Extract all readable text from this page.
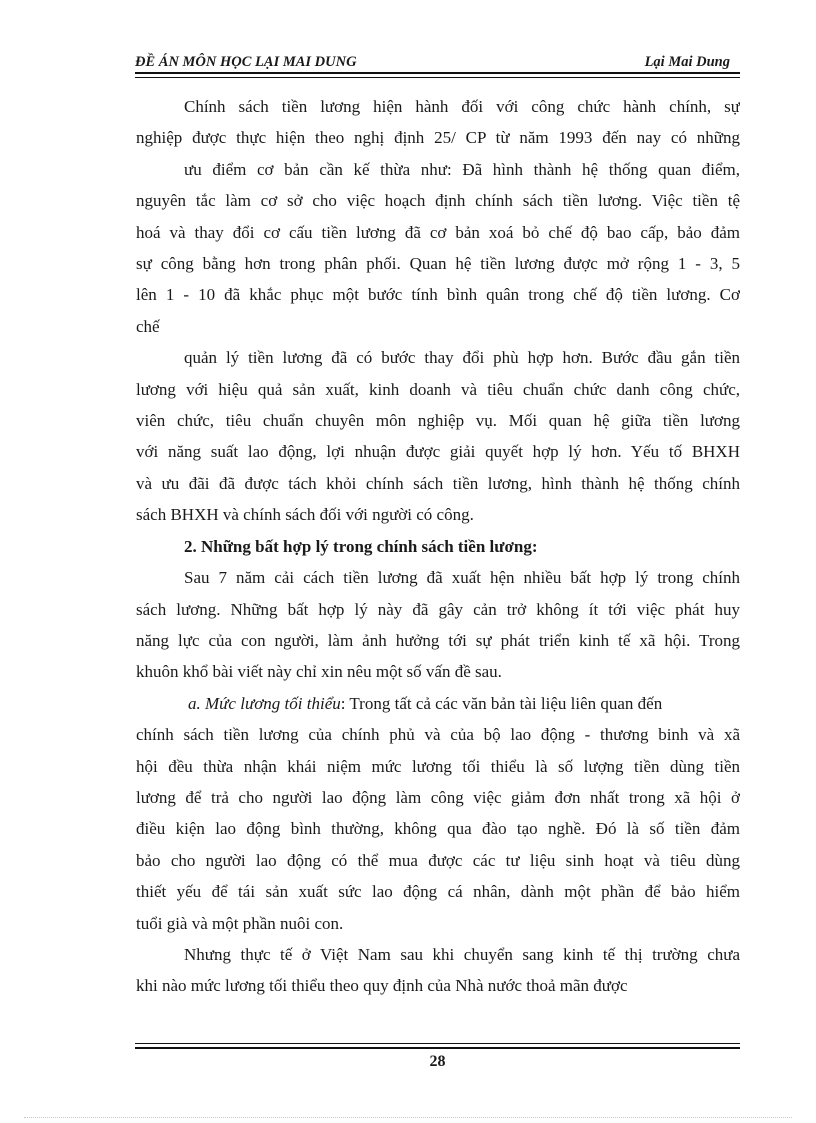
ĐỀ ÁN MÔN HỌC LẠI MAI DUNG	Lại Mai Dung
Chính sách tiền lương hiện hành đối với công chức hành chính, sự
nghiệp được thực hiện theo nghị định 25/ CP từ năm 1993 đến nay có những
ưu điểm cơ bản cần kế thừa như: Đã hình thành hệ thống quan điểm,
nguyên tắc làm cơ sở cho việc hoạch định chính sách tiền lương. Việc tiền tệ
hoá và thay đổi cơ cấu tiền lương đã cơ bản xoá bỏ chế độ bao cấp, bảo đảm
sự công bằng hơn trong phân phối. Quan hệ tiền lương được mở rộng 1 - 3, 5
lên 1 - 10 đã khắc phục một bước tính bình quân trong chế độ tiền lương. Cơ
chế
quản lý tiền lương đã có bước thay đổi phù hợp hơn. Bước đầu gắn tiền
lương với hiệu quả sản xuất, kinh doanh và tiêu chuẩn chức danh công chức,
viên chức, tiêu chuẩn chuyên môn nghiệp vụ. Mối quan hệ giữa tiền lương
với năng suất lao động, lợi nhuận được giải quyết hợp lý hơn. Yếu tố BHXH
và ưu đãi đã được tách khỏi chính sách tiền lương, hình thành hệ thống chính
sách BHXH và chính sách đối với người có công.
2. Những bất hợp lý trong chính sách tiền lương:
Sau 7 năm cải cách tiền lương đã xuất hện nhiều bất hợp lý trong chính
sách lương. Những bất hợp lý này đã gây cản trở không ít tới việc phát huy
năng lực của con người, làm ảnh hưởng tới sự phát triển kinh tế xã hội. Trong
khuôn khổ bài viết này chỉ xin nêu một số vấn đề sau.
a. Mức lương tối thiểu: Trong tất cả các văn bản tài liệu liên quan đến
chính sách tiền lương của chính phủ và của bộ lao động - thương binh và xã
hội đều thừa nhận khái niệm mức lương tối thiểu là số lượng tiền dùng tiền
lương để trả cho người lao động làm công việc giảm đơn nhất trong xã hội ở
điều kiện lao động bình thường, không qua đào tạo nghề. Đó là số tiền đảm
bảo cho người lao động có thể mua được các tư liệu sinh hoạt và tiêu dùng
thiết yếu để tái sản xuất sức lao động cá nhân, dành một phần để bảo hiểm
tuổi già và một phần nuôi con.
Nhưng thực tế ở Việt Nam sau khi chuyển sang kinh tế thị trường chưa
khi nào mức lương tối thiểu theo quy định của Nhà nước thoả mãn được
28
